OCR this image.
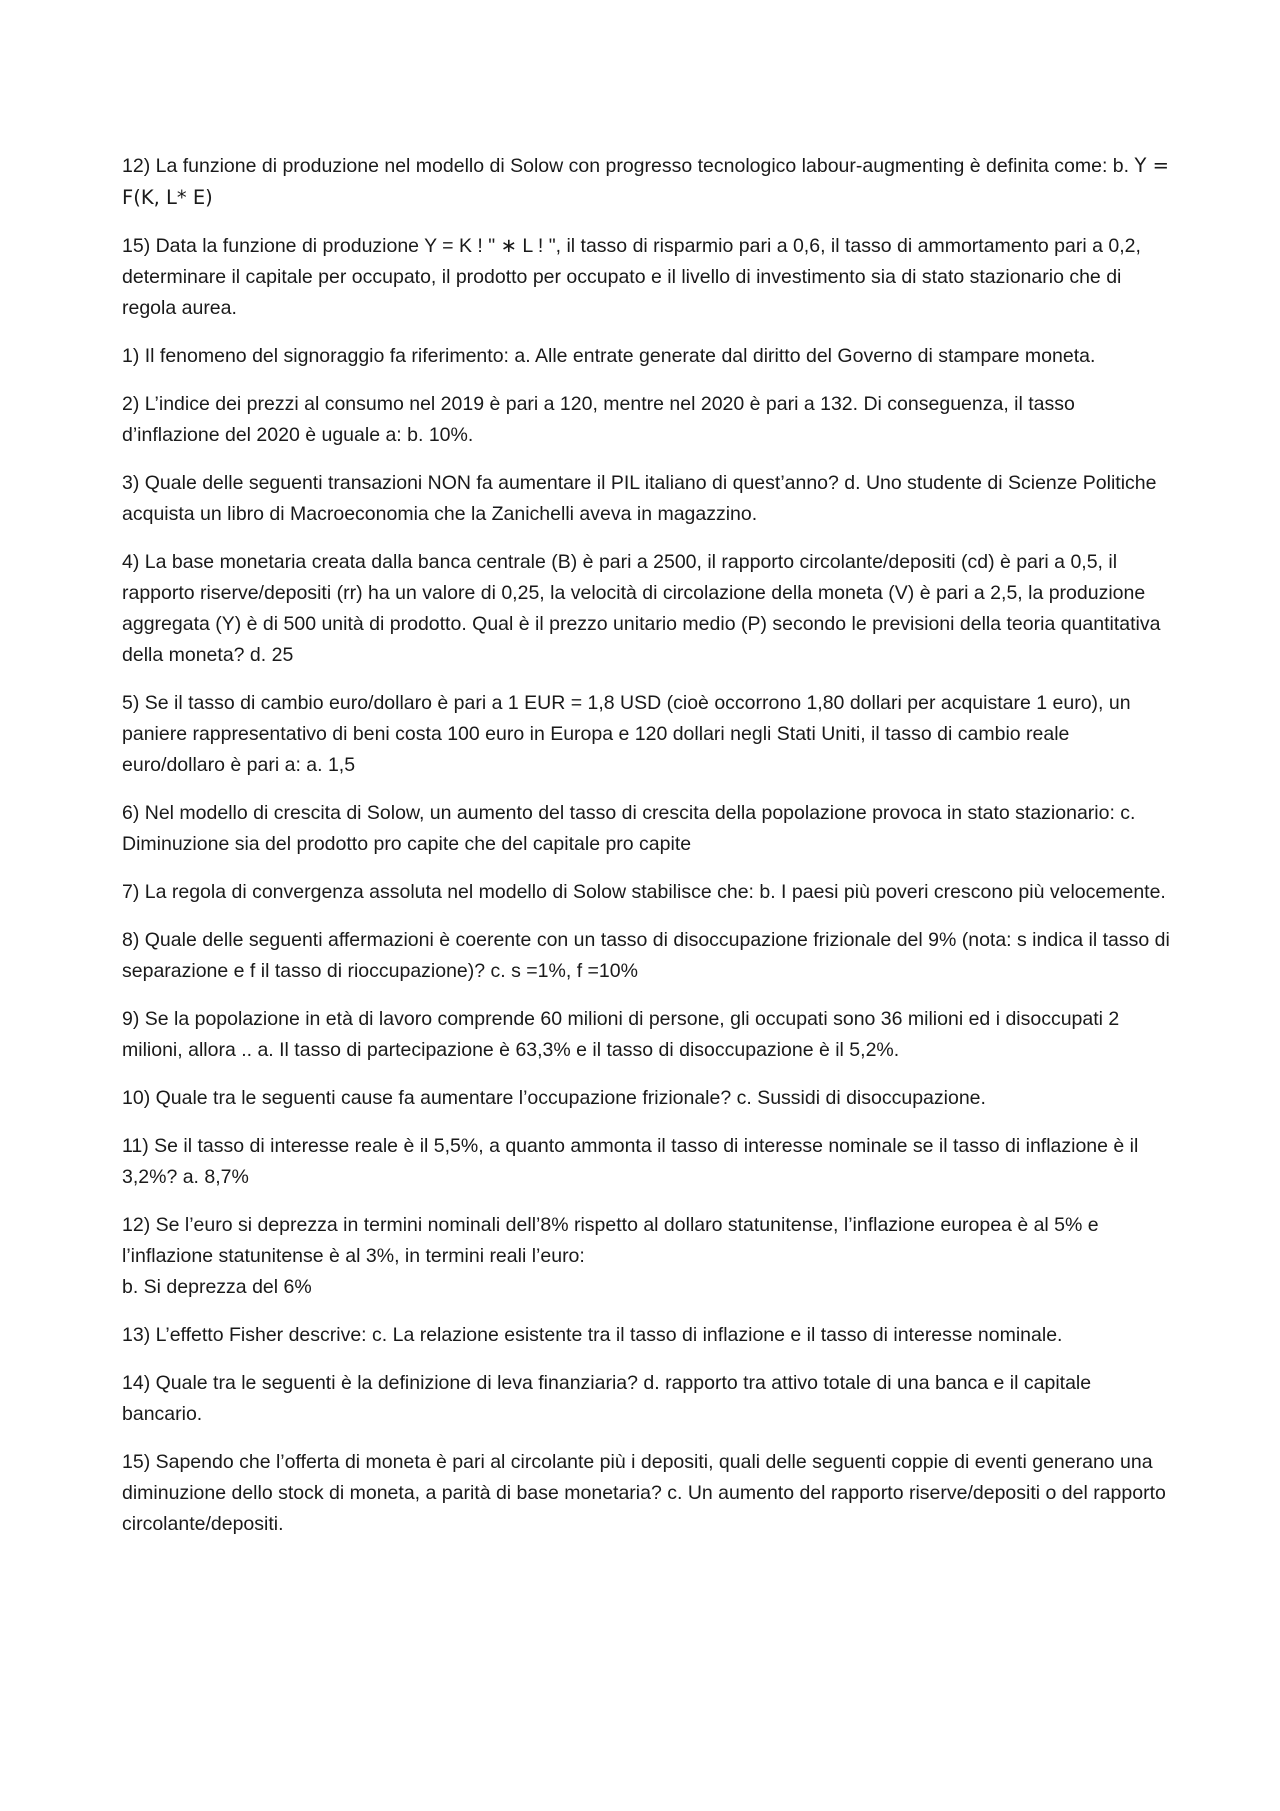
12) La funzione di produzione nel modello di Solow con progresso tecnologico labour-augmenting è definita come: b. Y = F(K, L* E)

15) Data la funzione di produzione Y = K ! " ∗ L ! ", il tasso di risparmio pari a 0,6, il tasso di ammortamento pari a 0,2, determinare il capitale per occupato, il prodotto per occupato e il livello di investimento sia di stato stazionario che di regola aurea.

1) Il fenomeno del signoraggio fa riferimento: a. Alle entrate generate dal diritto del Governo di stampare moneta.

2) L’indice dei prezzi al consumo nel 2019 è pari a 120, mentre nel 2020 è pari a 132. Di conseguenza, il tasso d’inflazione del 2020 è uguale a: b. 10%.

3) Quale delle seguenti transazioni NON fa aumentare il PIL italiano di quest’anno? d. Uno studente di Scienze Politiche acquista un libro di Macroeconomia che la Zanichelli aveva in magazzino.

4) La base monetaria creata dalla banca centrale (B) è pari a 2500, il rapporto circolante/depositi (cd) è pari a 0,5, il rapporto riserve/depositi (rr) ha un valore di 0,25, la velocità di circolazione della moneta (V) è pari a 2,5, la produzione aggregata (Y) è di 500 unità di prodotto. Qual è il prezzo unitario medio (P) secondo le previsioni della teoria quantitativa della moneta? d. 25

5) Se il tasso di cambio euro/dollaro è pari a 1 EUR = 1,8 USD (cioè occorrono 1,80 dollari per acquistare 1 euro), un paniere rappresentativo di beni costa 100 euro in Europa e 120 dollari negli Stati Uniti, il tasso di cambio reale euro/dollaro è pari a: a. 1,5

6) Nel modello di crescita di Solow, un aumento del tasso di crescita della popolazione provoca in stato stazionario: c. Diminuzione sia del prodotto pro capite che del capitale pro capite

7) La regola di convergenza assoluta nel modello di Solow stabilisce che: b. I paesi più poveri crescono più velocemente.

8) Quale delle seguenti affermazioni è coerente con un tasso di disoccupazione frizionale del 9% (nota: s indica il tasso di separazione e f il tasso di rioccupazione)? c. s =1%, f =10%

9) Se la popolazione in età di lavoro comprende 60 milioni di persone, gli occupati sono 36 milioni ed i disoccupati 2 milioni, allora .. a. Il tasso di partecipazione è 63,3% e il tasso di disoccupazione è il 5,2%.

10) Quale tra le seguenti cause fa aumentare l’occupazione frizionale? c. Sussidi di disoccupazione.

11) Se il tasso di interesse reale è il 5,5%, a quanto ammonta il tasso di interesse nominale se il tasso di inflazione è il 3,2%? a. 8,7%

12) Se l’euro si deprezza in termini nominali dell’8% rispetto al dollaro statunitense, l’inflazione europea è al 5% e l’inflazione statunitense è al 3%, in termini reali l’euro:
b. Si deprezza del 6%

13) L’effetto Fisher descrive: c. La relazione esistente tra il tasso di inflazione e il tasso di interesse nominale.

14) Quale tra le seguenti è la definizione di leva finanziaria? d. rapporto tra attivo totale di una banca e il capitale bancario.

15) Sapendo che l’offerta di moneta è pari al circolante più i depositi, quali delle seguenti coppie di eventi generano una diminuzione dello stock di moneta, a parità di base monetaria? c. Un aumento del rapporto riserve/depositi o del rapporto circolante/depositi.
